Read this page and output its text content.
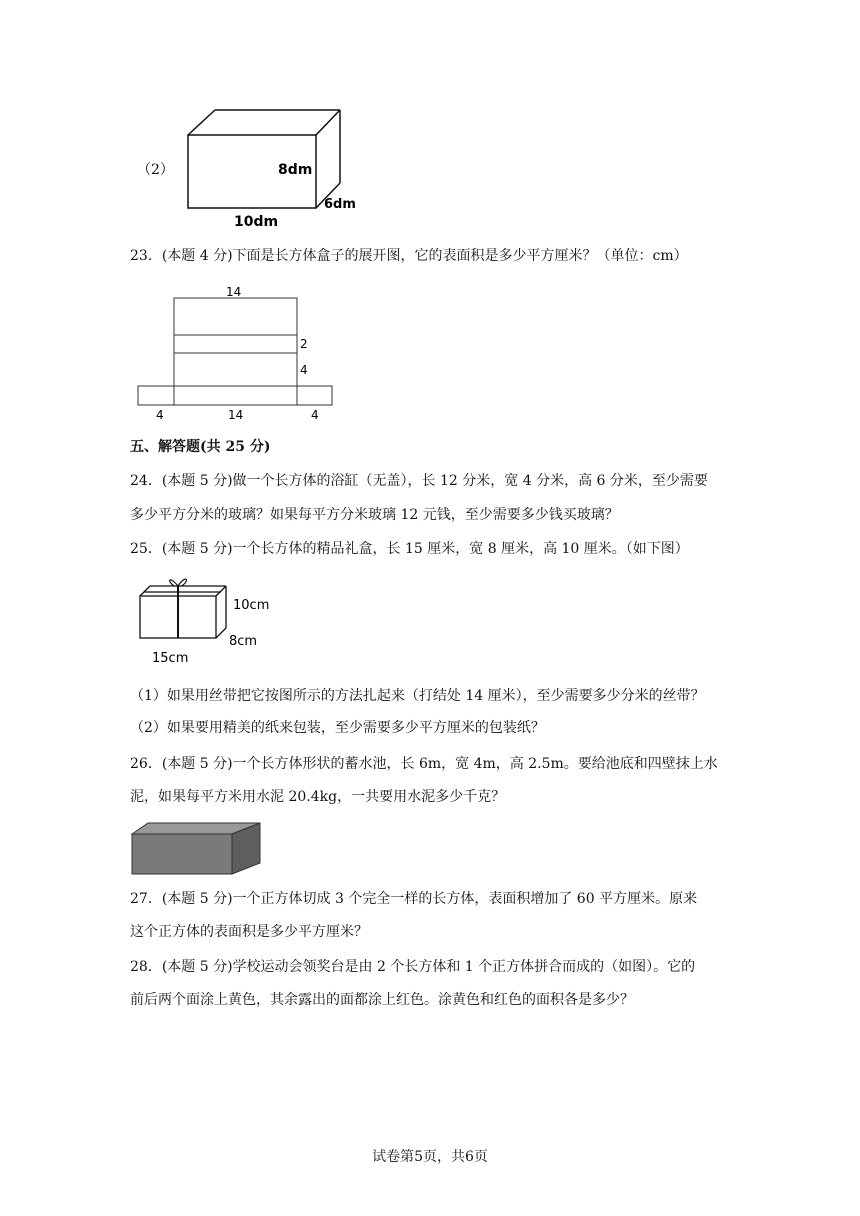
（2）	8dm
6dm
10dm
23．(本题 4 分)下面是长方体盒子的展开图，它的表面积是多少平方厘米？（单位：cm）
14
2
4
4	14	4
五、解答题(共 25 分)
24．(本题 5 分)做一个长方体的浴缸（无盖），长 12 分米，宽 4 分米，高 6 分米，至少需要
多少平方分米的玻璃？如果每平方分米玻璃 12 元钱，至少需要多少钱买玻璃？
25．(本题 5 分)一个长方体的精品礼盒，长 15 厘米，宽 8 厘米，高 10 厘米。（如下图）
10cm
8cm
15cm
（1）如果用丝带把它按图所示的方法扎起来（打结处 14 厘米），至少需要多少分米的丝带？
（2）如果要用精美的纸来包装，至少需要多少平方厘米的包装纸？
26．(本题 5 分)一个长方体形状的蓄水池，长 6m，宽 4m，高 2.5m。要给池底和四壁抹上水
泥，如果每平方米用水泥 20.4kg，一共要用水泥多少千克？
27．(本题 5 分)一个正方体切成 3 个完全一样的长方体，表面积增加了 60 平方厘米。原来
这个正方体的表面积是多少平方厘米？
28．(本题 5 分)学校运动会领奖台是由 2 个长方体和 1 个正方体拼合而成的（如图）。它的
前后两个面涂上黄色，其余露出的面都涂上红色。涂黄色和红色的面积各是多少？
试卷第5页，共6页
